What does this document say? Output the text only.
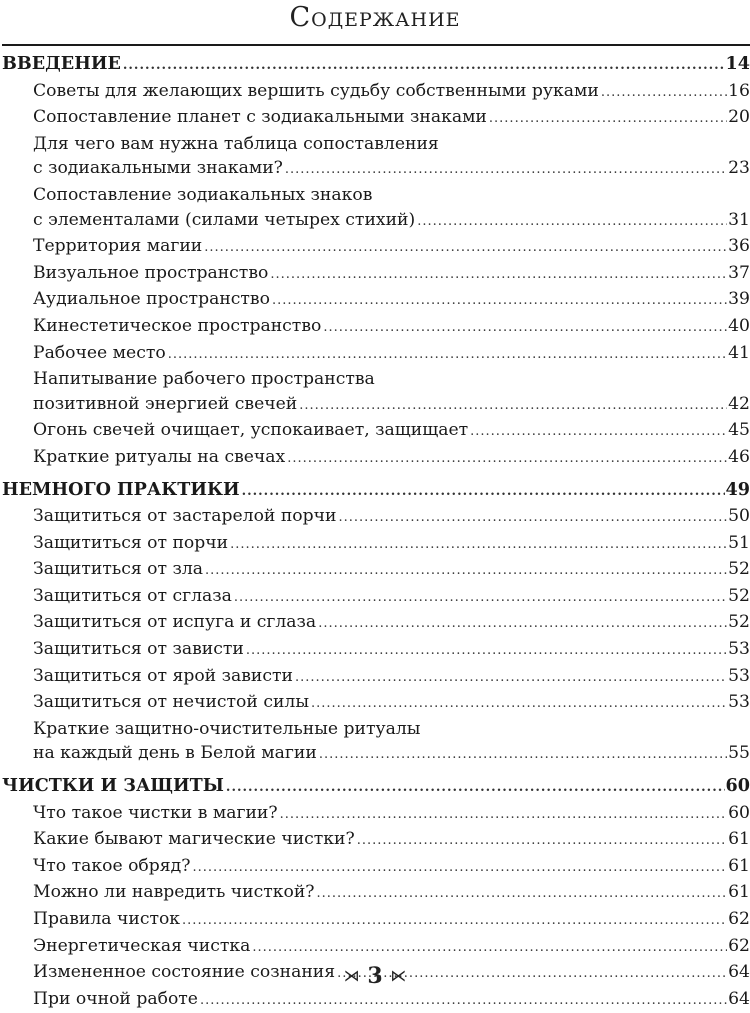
Содержание
ВВЕДЕНИЕ .....	14
Советы для желающих вершить судьбу собственными руками .....	16
Сопоставление планет с зодиакальными знаками .....	20
Для чего вам нужна таблица сопоставления
с зодиакальными знаками? .....	23
Сопоставление зодиакальных знаков
с элементалами (силами четырех стихий) .....	31
Территория магии .....	36
Визуальное пространство .....	37
Аудиальное пространство .....	39
Кинестетическое пространство .....	40
Рабочее место .....	41
Напитывание рабочего пространства
позитивной энергией свечей .....	42
Огонь свечей очищает, успокаивает, защищает .....	45
Краткие ритуалы на свечах .....	46
НЕМНОГО ПРАКТИКИ .....	49
Защититься от застарелой порчи .....	50
Защититься от порчи .....	51
Защититься от зла .....	52
Защититься от сглаза .....	52
Защититься от испуга и сглаза .....	52
Защититься от зависти .....	53
Защититься от ярой зависти .....	53
Защититься от нечистой силы .....	53
Краткие защитно-очистительные ритуалы
на каждый день в Белой магии .....	55
ЧИСТКИ И ЗАЩИТЫ .....	60
Что такое чистки в магии? .....	60
Какие бывают магические чистки? .....	61
Что такое обряд? .....	61
Можно ли навредить чисткой? .....	61
Правила чисток .....	62
Энергетическая чистка .....	62
Измененное состояние сознания .....	64
При очной работе .....	64
⋊ 3 ⋉
